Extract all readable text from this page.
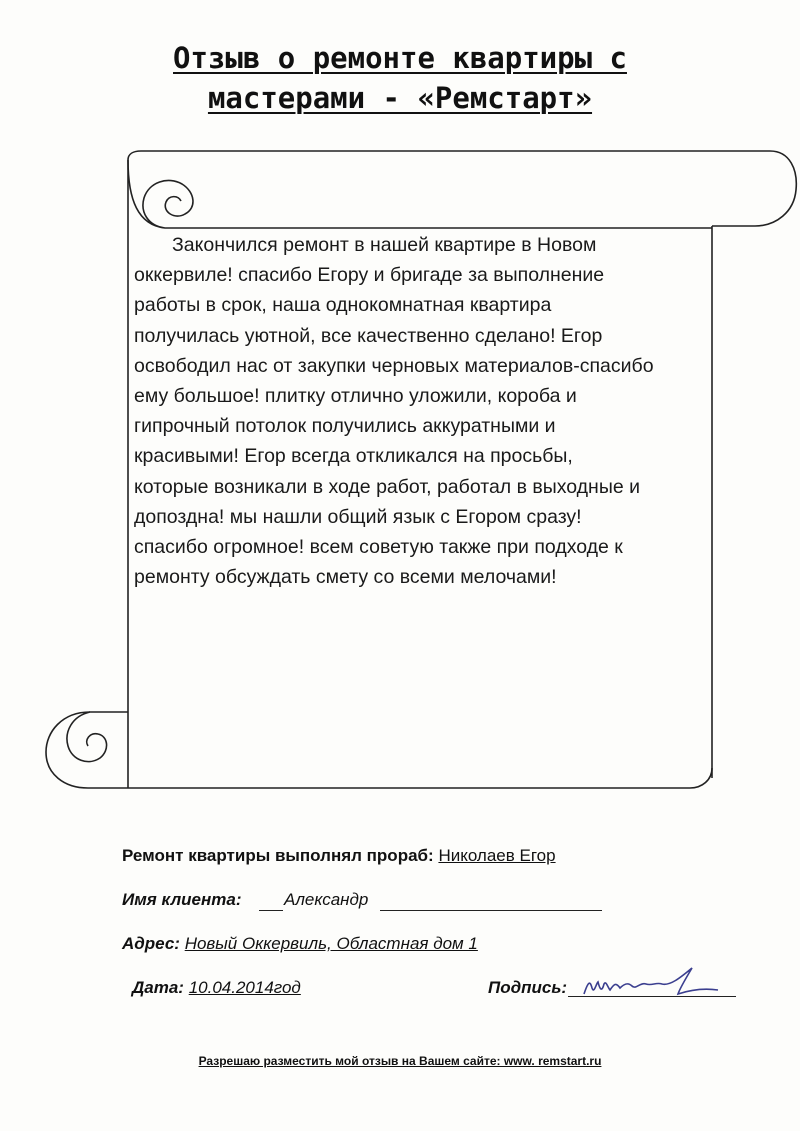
Отзыв о ремонте квартиры с
мастерами - «Ремстарт»
Закончился ремонт в нашей квартире в Новом
оккервиле! спасибо Егору и бригаде за выполнение
работы в срок, наша однокомнатная квартира
получилась уютной, все качественно сделано! Егор
освободил нас от закупки черновых материалов-спасибо
ему большое! плитку отлично уложили, короба и
гипрочный потолок получились аккуратными и
красивыми! Егор всегда откликался на просьбы,
которые возникали в ходе работ, работал в выходные и
допоздна! мы нашли общий язык с Егором сразу!
спасибо огромное! всем советую также при подходе к
ремонту обсуждать смету со всеми мелочами!
Ремонт квартиры выполнял прораб: Николаев Егор
Имя клиента:	Александр
Адрес: Новый Оккервиль, Областная дом 1
Дата: 10.04.2014год	Подпись:
Разрешаю разместить мой отзыв на Вашем сайте: www. remstart.ru
